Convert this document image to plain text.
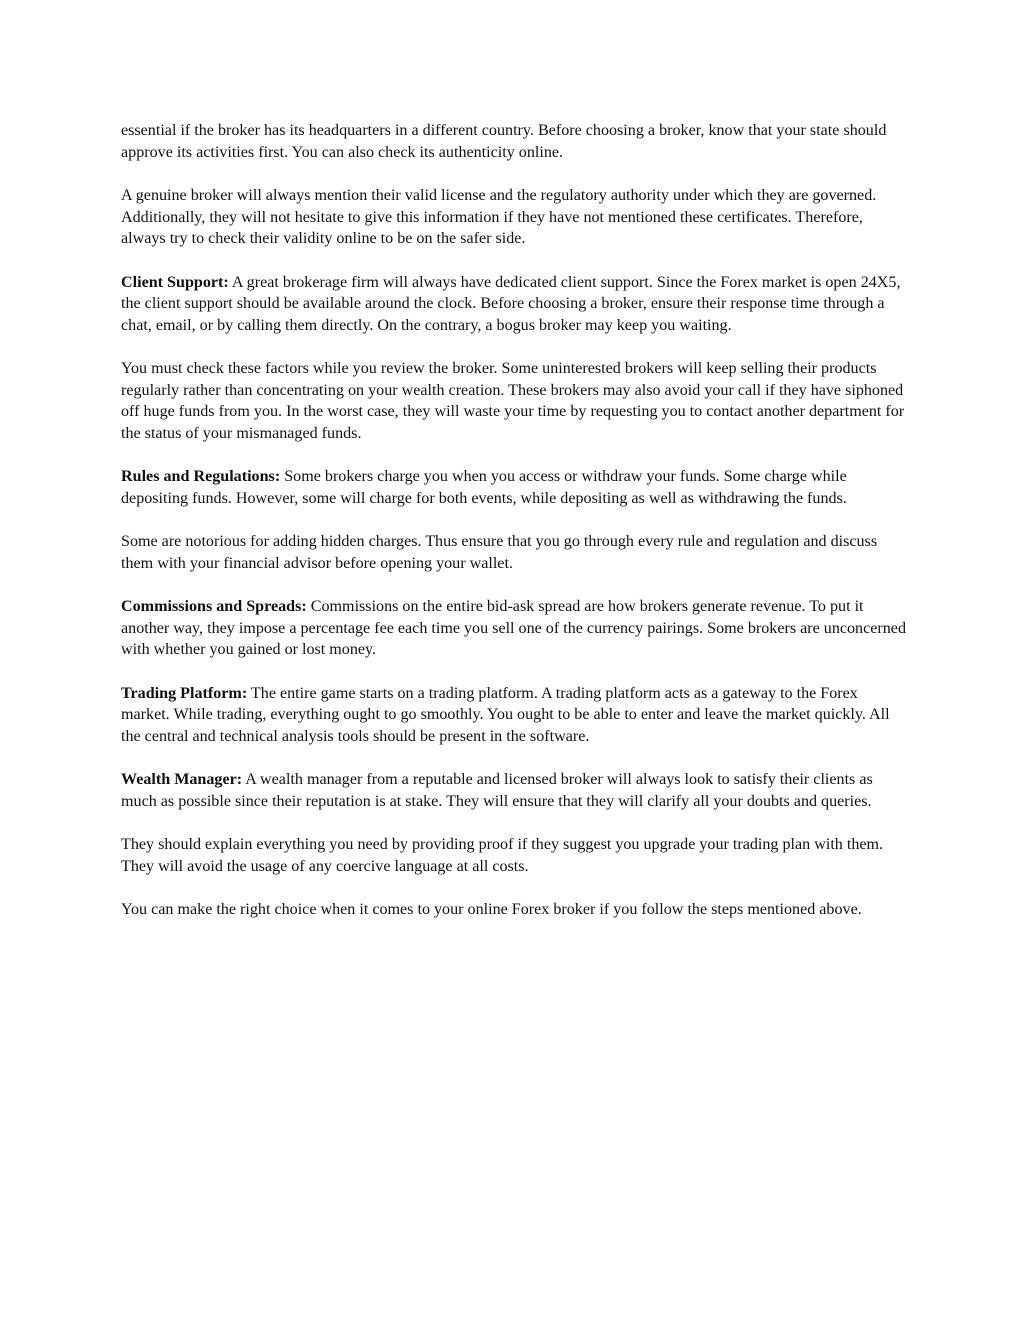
essential if the broker has its headquarters in a different country. Before choosing a broker, know that your state should approve its activities first. You can also check its authenticity online.

A genuine broker will always mention their valid license and the regulatory authority under which they are governed. Additionally, they will not hesitate to give this information if they have not mentioned these certificates. Therefore, always try to check their validity online to be on the safer side.

Client Support: A great brokerage firm will always have dedicated client support. Since the Forex market is open 24X5, the client support should be available around the clock. Before choosing a broker, ensure their response time through a chat, email, or by calling them directly. On the contrary, a bogus broker may keep you waiting.

You must check these factors while you review the broker. Some uninterested brokers will keep selling their products regularly rather than concentrating on your wealth creation. These brokers may also avoid your call if they have siphoned off huge funds from you. In the worst case, they will waste your time by requesting you to contact another department for the status of your mismanaged funds.

Rules and Regulations: Some brokers charge you when you access or withdraw your funds. Some charge while depositing funds. However, some will charge for both events, while depositing as well as withdrawing the funds.

Some are notorious for adding hidden charges. Thus ensure that you go through every rule and regulation and discuss them with your financial advisor before opening your wallet.

Commissions and Spreads: Commissions on the entire bid-ask spread are how brokers generate revenue. To put it another way, they impose a percentage fee each time you sell one of the currency pairings. Some brokers are unconcerned with whether you gained or lost money.

Trading Platform: The entire game starts on a trading platform. A trading platform acts as a gateway to the Forex market. While trading, everything ought to go smoothly. You ought to be able to enter and leave the market quickly. All the central and technical analysis tools should be present in the software.

Wealth Manager: A wealth manager from a reputable and licensed broker will always look to satisfy their clients as much as possible since their reputation is at stake. They will ensure that they will clarify all your doubts and queries.

They should explain everything you need by providing proof if they suggest you upgrade your trading plan with them. They will avoid the usage of any coercive language at all costs.

You can make the right choice when it comes to your online Forex broker if you follow the steps mentioned above.
